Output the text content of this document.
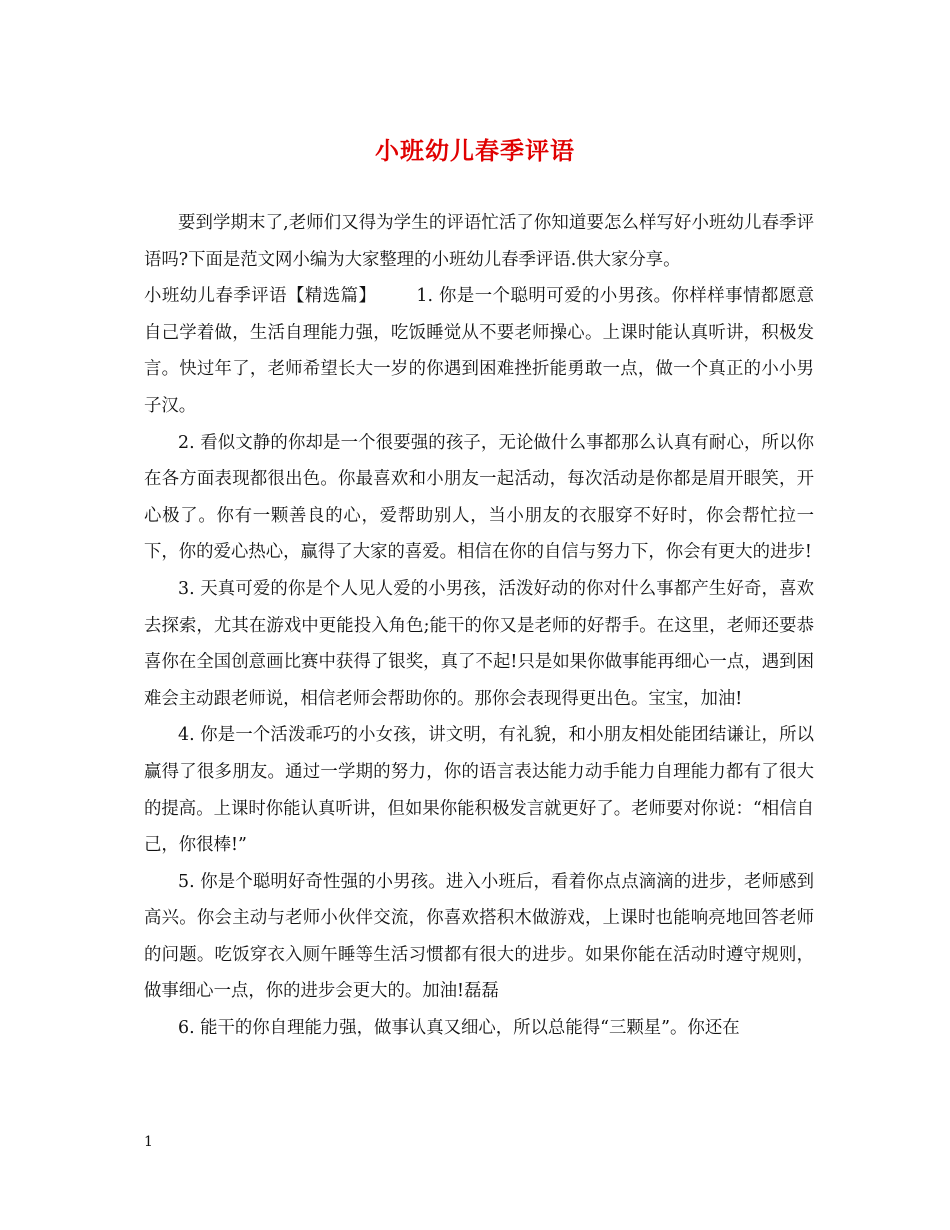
小班幼儿春季评语

要到学期末了,老师们又得为学生的评语忙活了你知道要怎么样写好小班幼儿春季评语吗?下面是范文网小编为大家整理的小班幼儿春季评语.供大家分享。

小班幼儿春季评语【精选篇】 1. 你是一个聪明可爱的小男孩。你样样事情都愿意自己学着做，生活自理能力强，吃饭睡觉从不要老师操心。上课时能认真听讲，积极发言。快过年了，老师希望长大一岁的你遇到困难挫折能勇敢一点，做一个真正的小小男子汉。

2. 看似文静的你却是一个很要强的孩子，无论做什么事都那么认真有耐心，所以你在各方面表现都很出色。你最喜欢和小朋友一起活动，每次活动是你都是眉开眼笑，开心极了。你有一颗善良的心，爱帮助别人，当小朋友的衣服穿不好时，你会帮忙拉一下，你的爱心热心，赢得了大家的喜爱。相信在你的自信与努力下，你会有更大的进步!

3. 天真可爱的你是个人见人爱的小男孩，活泼好动的你对什么事都产生好奇，喜欢去探索，尤其在游戏中更能投入角色;能干的你又是老师的好帮手。在这里，老师还要恭喜你在全国创意画比赛中获得了银奖，真了不起!只是如果你做事能再细心一点，遇到困难会主动跟老师说，相信老师会帮助你的。那你会表现得更出色。宝宝，加油!

4. 你是一个活泼乖巧的小女孩，讲文明，有礼貌，和小朋友相处能团结谦让，所以赢得了很多朋友。通过一学期的努力，你的语言表达能力动手能力自理能力都有了很大的提高。上课时你能认真听讲，但如果你能积极发言就更好了。老师要对你说：“相信自己，你很棒!”

5. 你是个聪明好奇性强的小男孩。进入小班后，看着你点点滴滴的进步，老师感到高兴。你会主动与老师小伙伴交流，你喜欢搭积木做游戏，上课时也能响亮地回答老师的问题。吃饭穿衣入厕午睡等生活习惯都有很大的进步。如果你能在活动时遵守规则，做事细心一点，你的进步会更大的。加油!磊磊

6. 能干的你自理能力强，做事认真又细心，所以总能得“三颗星”。你还在

1
